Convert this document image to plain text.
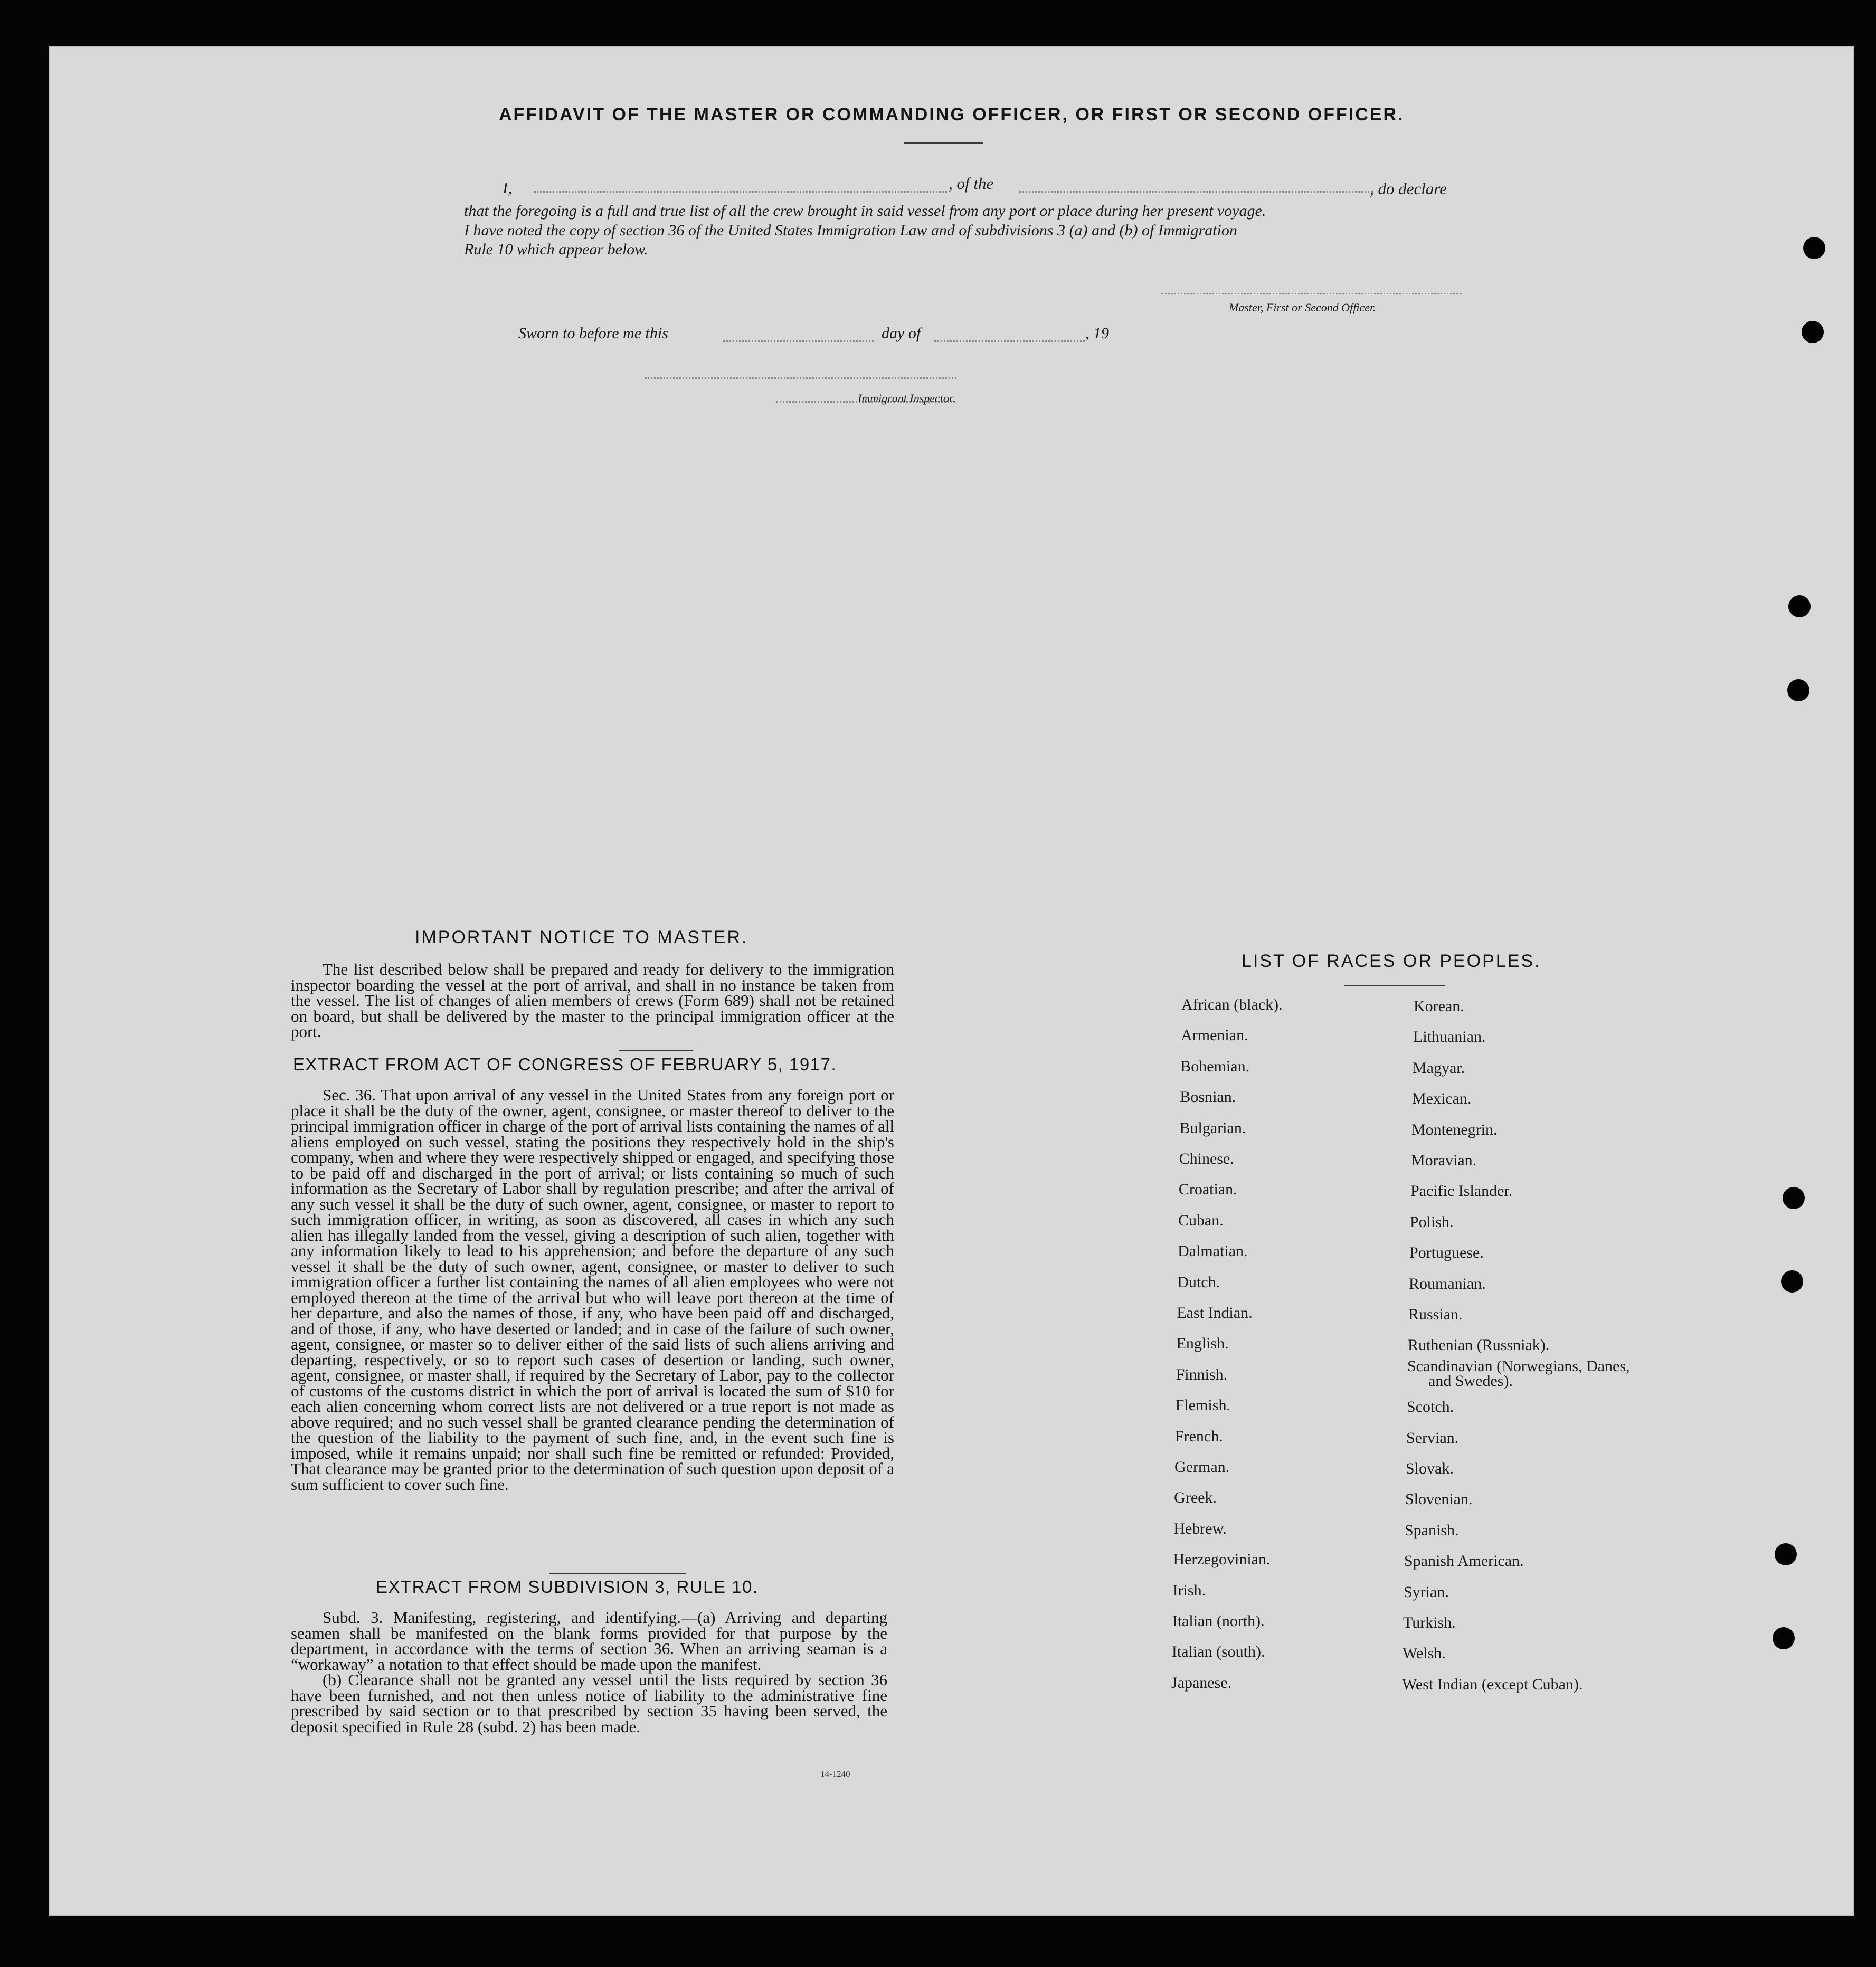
AFFIDAVIT OF THE MASTER OR COMMANDING OFFICER, OR FIRST OR SECOND OFFICER.
I,	, of the	, do declare
that the foregoing is a full and true list of all the crew brought in said vessel from any port or place during her present voyage.
I have noted the copy of section 36 of the United States Immigration Law and of subdivisions 3 (a) and (b) of Immigration
Rule 10 which appear below.
Master, First or Second Officer.
Sworn to before me this	day of	, 19
Immigrant Inspector.
IMPORTANT NOTICE TO MASTER.

The list described below shall be prepared and ready for delivery to the immigration inspector boarding the vessel at the port of arrival, and shall in no instance be taken from the vessel. The list of changes of alien members of crews (Form 689) shall not be retained on board, but shall be delivered by the master to the principal immigration officer at the port.

EXTRACT FROM ACT OF CONGRESS OF FEBRUARY 5, 1917.

Sec. 36. That upon arrival of any vessel in the United States from any foreign port or place it shall be the duty of the owner, agent, consignee, or master thereof to deliver to the principal immigration officer in charge of the port of arrival lists containing the names of all aliens employed on such vessel, stating the positions they respectively hold in the ship's company, when and where they were respectively shipped or engaged, and specifying those to be paid off and discharged in the port of arrival; or lists containing so much of such information as the Secretary of Labor shall by regulation prescribe; and after the arrival of any such vessel it shall be the duty of such owner, agent, consignee, or master to report to such immigration officer, in writing, as soon as discovered, all cases in which any such alien has illegally landed from the vessel, giving a description of such alien, together with any information likely to lead to his apprehension; and before the departure of any such vessel it shall be the duty of such owner, agent, consignee, or master to deliver to such immigration officer a further list containing the names of all alien employees who were not employed thereon at the time of the arrival but who will leave port thereon at the time of her departure, and also the names of those, if any, who have been paid off and discharged, and of those, if any, who have deserted or landed; and in case of the failure of such owner, agent, consignee, or master so to deliver either of the said lists of such aliens arriving and departing, respectively, or so to report such cases of desertion or landing, such owner, agent, consignee, or master shall, if required by the Secretary of Labor, pay to the collector of customs of the customs district in which the port of arrival is located the sum of $10 for each alien concerning whom correct lists are not delivered or a true report is not made as above required; and no such vessel shall be granted clearance pending the determination of the question of the liability to the payment of such fine, and, in the event such fine is imposed, while it remains unpaid; nor shall such fine be remitted or refunded: Provided, That clearance may be granted prior to the determination of such question upon deposit of a sum sufficient to cover such fine.

EXTRACT FROM SUBDIVISION 3, RULE 10.

Subd. 3. Manifesting, registering, and identifying.—(a) Arriving and departing seamen shall be manifested on the blank forms provided for that purpose by the department, in accordance with the terms of section 36. When an arriving seaman is a “workaway” a notation to that effect should be made upon the manifest.

(b) Clearance shall not be granted any vessel until the lists required by section 36 have been furnished, and not then unless notice of liability to the administrative fine prescribed by said section or to that prescribed by section 35 having been served, the deposit specified in Rule 28 (subd. 2) has been made.

14-1240
LIST OF RACES OR PEOPLES.
African (black).
Armenian.
Bohemian.
Bosnian.
Bulgarian.
Chinese.
Croatian.
Cuban.
Dalmatian.
Dutch.
East Indian.
English.
Finnish.
Flemish.
French.
German.
Greek.
Hebrew.
Herzegovinian.
Irish.
Italian (north).
Italian (south).
Japanese.
Korean.
Lithuanian.
Magyar.
Mexican.
Montenegrin.
Moravian.
Pacific Islander.
Polish.
Portuguese.
Roumanian.
Russian.
Ruthenian (Russniak).
Scandinavian (Norwegians, Danes, and Swedes).
Scotch.
Servian.
Slovak.
Slovenian.
Spanish.
Spanish American.
Syrian.
Turkish.
Welsh.
West Indian (except Cuban).
